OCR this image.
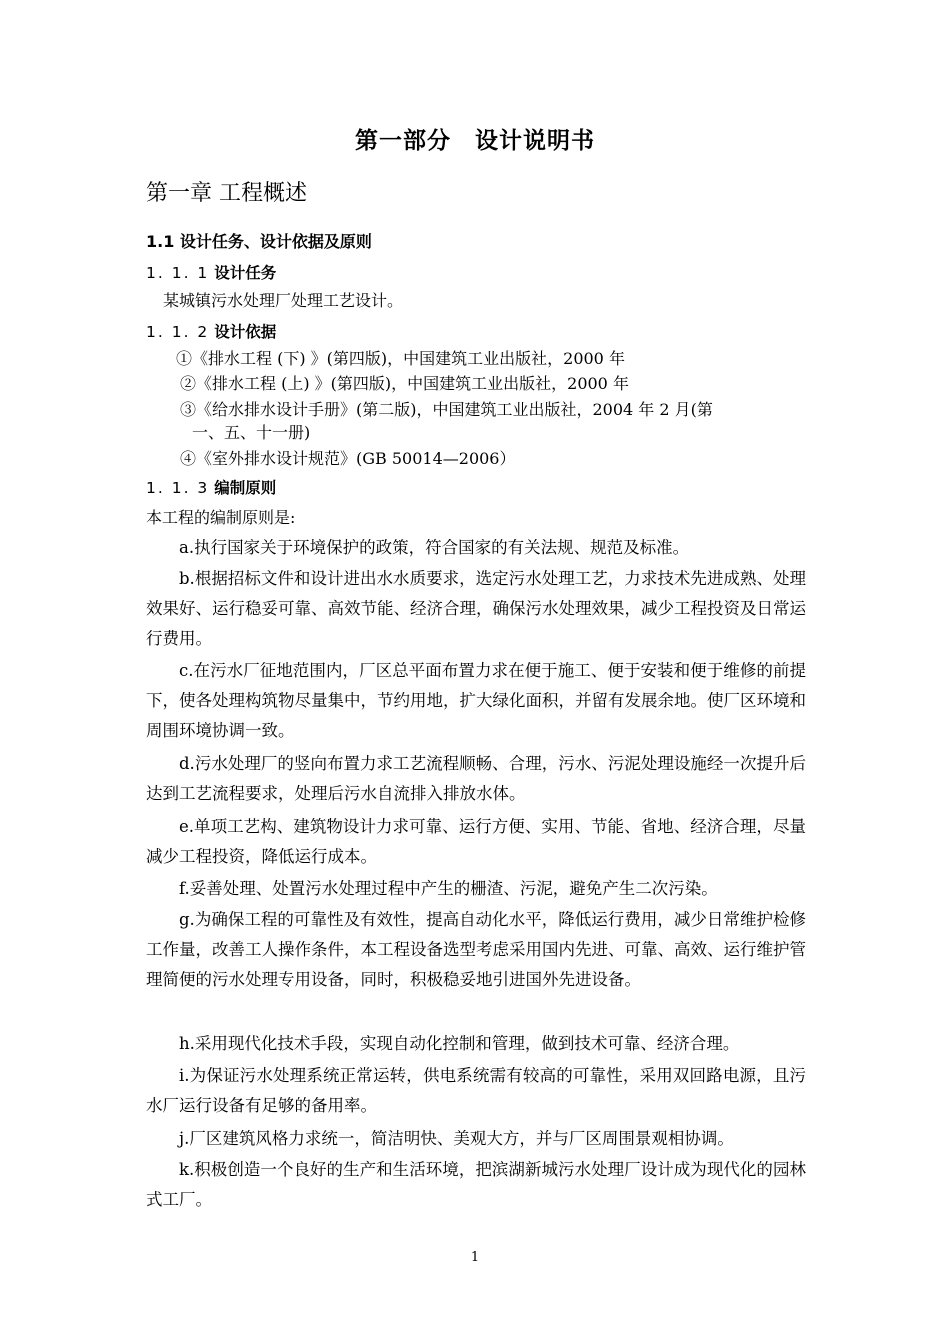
第一部分　设计说明书
第一章 工程概述
1.1 设计任务、设计依据及原则
1. 1. 1 设计任务
某城镇污水处理厂处理工艺设计。
1. 1. 2 设计依据
①《排水工程 (下) 》(第四版)，中国建筑工业出版社，2000 年
②《排水工程 (上) 》(第四版)，中国建筑工业出版社，2000 年
③《给水排水设计手册》(第二版)，中国建筑工业出版社，2004 年 2 月(第
一、五、十一册)
④《室外排水设计规范》(GB 50014—2006）
1. 1. 3 编制原则
本工程的编制原则是:
a.执行国家关于环境保护的政策，符合国家的有关法规、规范及标准。
b.根据招标文件和设计进出水水质要求，选定污水处理工艺，力求技术先进成熟、处理效果好、运行稳妥可靠、高效节能、经济合理，确保污水处理效果，减少工程投资及日常运行费用。
c.在污水厂征地范围内，厂区总平面布置力求在便于施工、便于安装和便于维修的前提下，使各处理构筑物尽量集中，节约用地，扩大绿化面积，并留有发展余地。使厂区环境和周围环境协调一致。
d.污水处理厂的竖向布置力求工艺流程顺畅、合理，污水、污泥处理设施经一次提升后达到工艺流程要求，处理后污水自流排入排放水体。
e.单项工艺构、建筑物设计力求可靠、运行方便、实用、节能、省地、经济合理，尽量减少工程投资，降低运行成本。
f.妥善处理、处置污水处理过程中产生的栅渣、污泥，避免产生二次污染。
g.为确保工程的可靠性及有效性，提高自动化水平，降低运行费用，减少日常维护检修工作量，改善工人操作条件，本工程设备选型考虑采用国内先进、可靠、高效、运行维护管理简便的污水处理专用设备，同时，积极稳妥地引进国外先进设备。
h.采用现代化技术手段，实现自动化控制和管理，做到技术可靠、经济合理。
i.为保证污水处理系统正常运转，供电系统需有较高的可靠性，采用双回路电源，且污水厂运行设备有足够的备用率。
j.厂区建筑风格力求统一，简洁明快、美观大方，并与厂区周围景观相协调。
k.积极创造一个良好的生产和生活环境，把滨湖新城污水处理厂设计成为现代化的园林式工厂。
1
